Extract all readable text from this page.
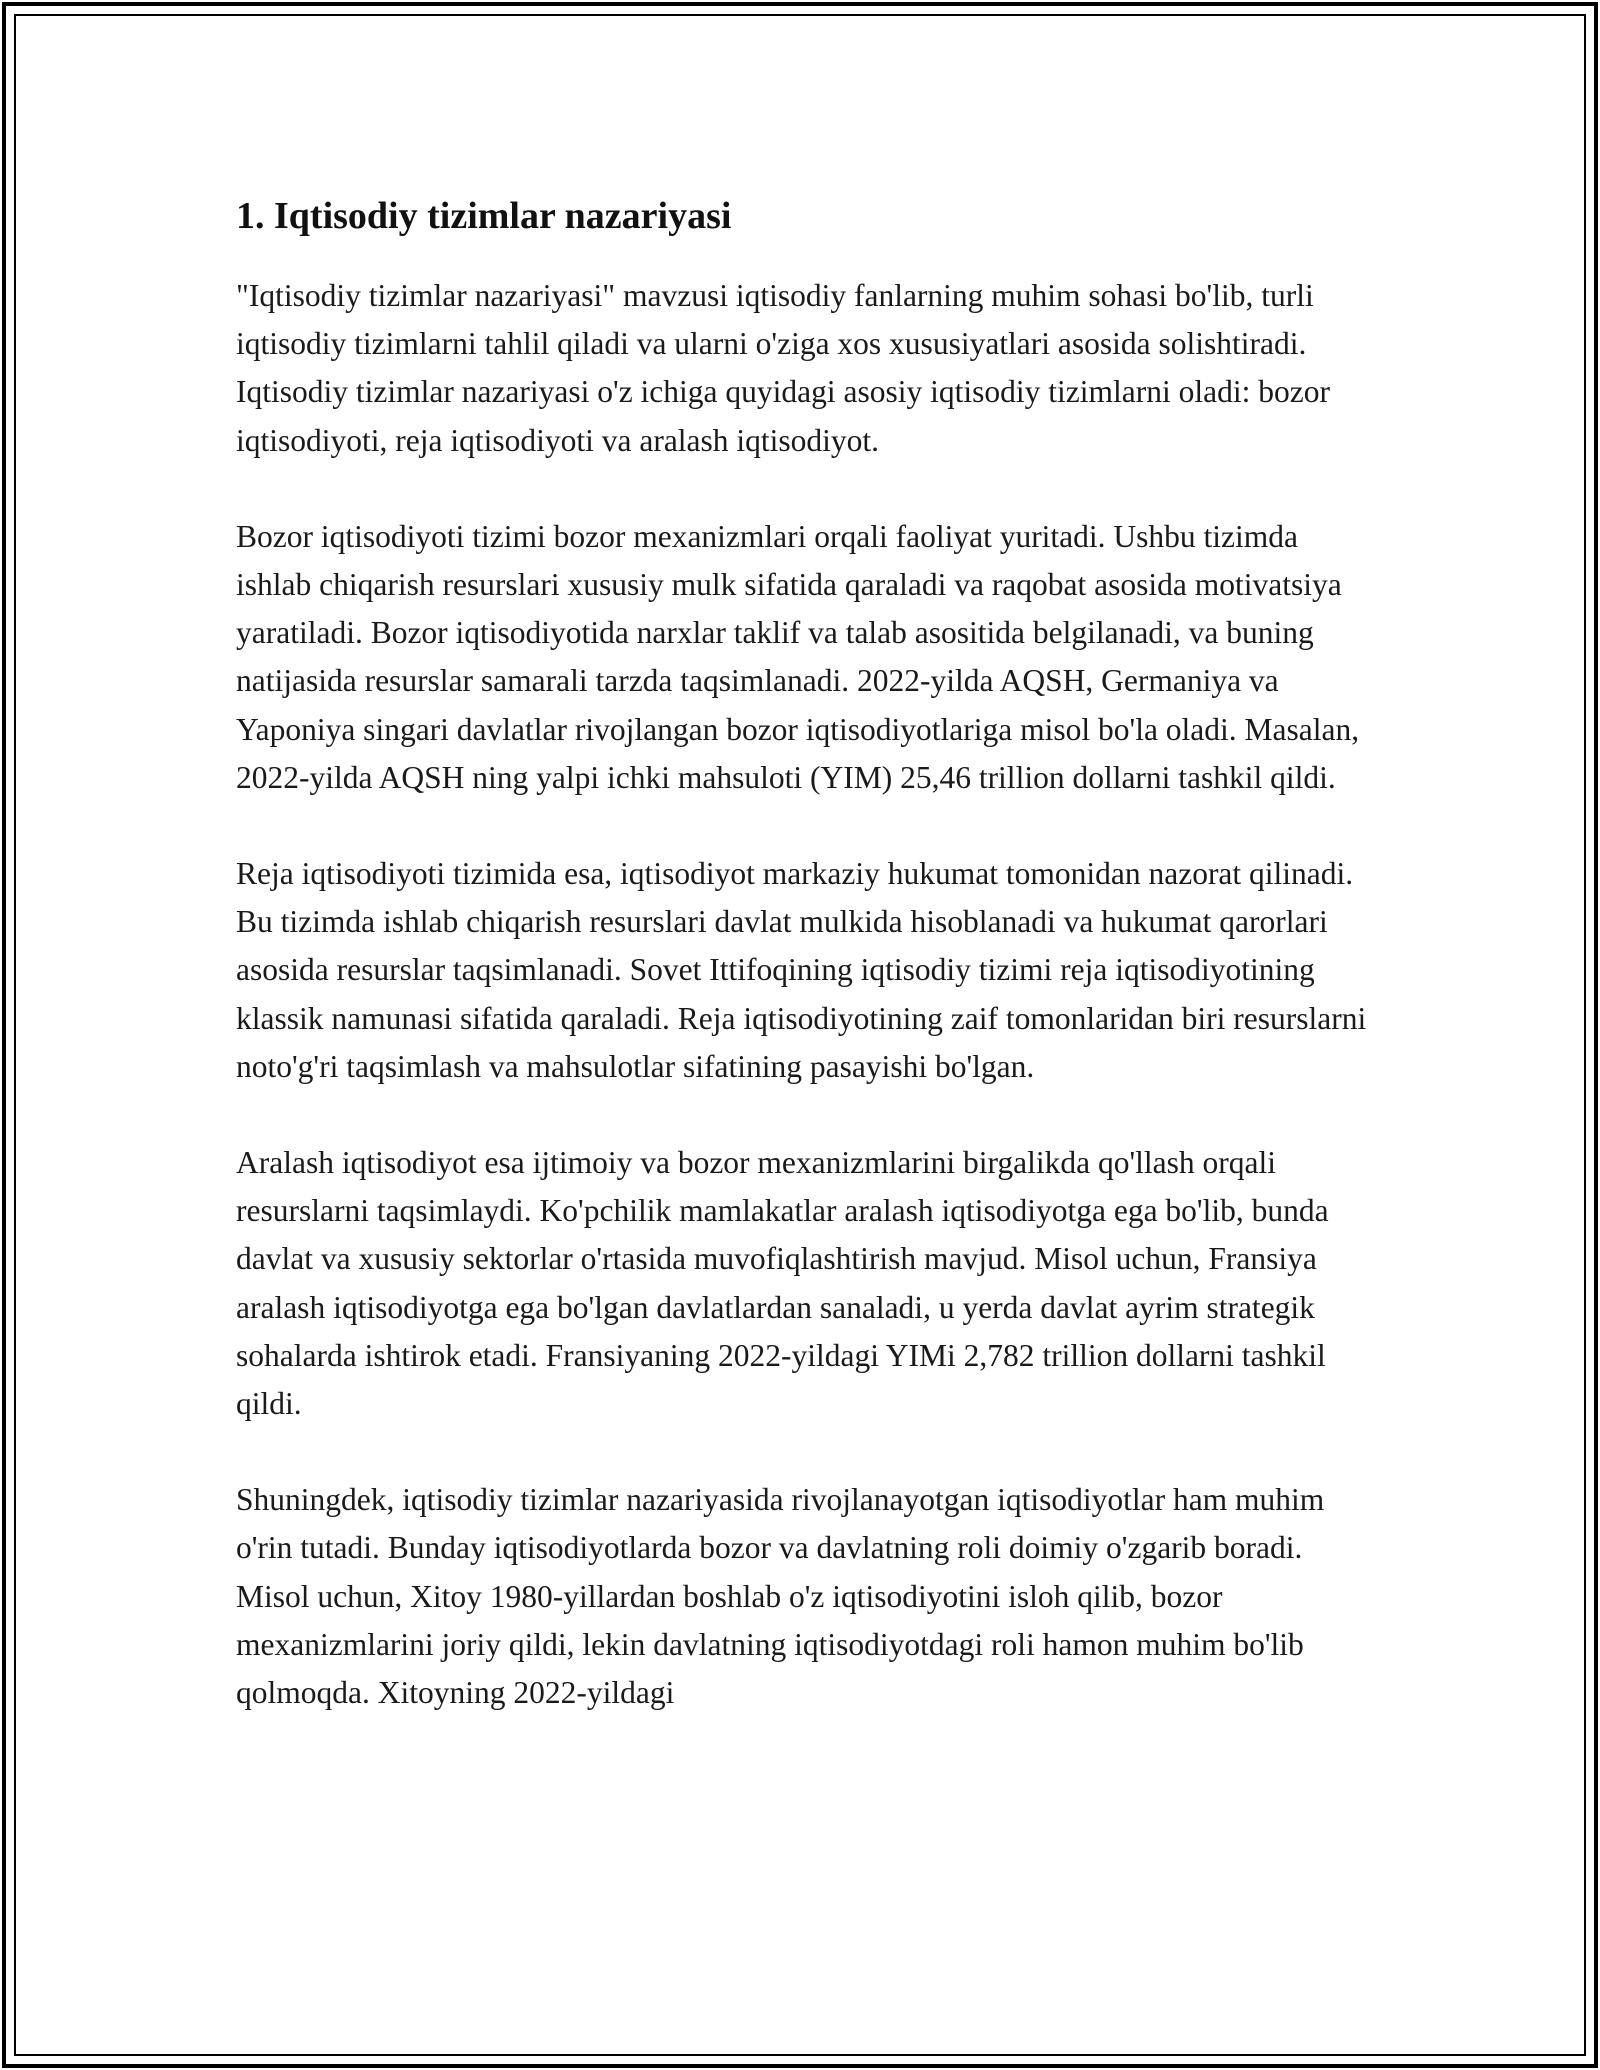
1. Iqtisodiy tizimlar nazariyasi

"Iqtisodiy tizimlar nazariyasi" mavzusi iqtisodiy fanlarning muhim sohasi bo'lib, turli iqtisodiy tizimlarni tahlil qiladi va ularni o'ziga xos xususiyatlari asosida solishtiradi. Iqtisodiy tizimlar nazariyasi o'z ichiga quyidagi asosiy iqtisodiy tizimlarni oladi: bozor iqtisodiyoti, reja iqtisodiyoti va aralash iqtisodiyot.

Bozor iqtisodiyoti tizimi bozor mexanizmlari orqali faoliyat yuritadi. Ushbu tizimda ishlab chiqarish resurslari xususiy mulk sifatida qaraladi va raqobat asosida motivatsiya yaratiladi. Bozor iqtisodiyotida narxlar taklif va talab asositida belgilanadi, va buning natijasida resurslar samarali tarzda taqsimlanadi. 2022-yilda AQSH, Germaniya va Yaponiya singari davlatlar rivojlangan bozor iqtisodiyotlariga misol bo'la oladi. Masalan, 2022-yilda AQSH ning yalpi ichki mahsuloti (YIM) 25,46 trillion dollarni tashkil qildi.

Reja iqtisodiyoti tizimida esa, iqtisodiyot markaziy hukumat tomonidan nazorat qilinadi. Bu tizimda ishlab chiqarish resurslari davlat mulkida hisoblanadi va hukumat qarorlari asosida resurslar taqsimlanadi. Sovet Ittifoqining iqtisodiy tizimi reja iqtisodiyotining klassik namunasi sifatida qaraladi. Reja iqtisodiyotining zaif tomonlaridan biri resurslarni noto'g'ri taqsimlash va mahsulotlar sifatining pasayishi bo'lgan.

Aralash iqtisodiyot esa ijtimoiy va bozor mexanizmlarini birgalikda qo'llash orqali resurslarni taqsimlaydi. Ko'pchilik mamlakatlar aralash iqtisodiyotga ega bo'lib, bunda davlat va xususiy sektorlar o'rtasida muvofiqlashtirish mavjud. Misol uchun, Fransiya aralash iqtisodiyotga ega bo'lgan davlatlardan sanaladi, u yerda davlat ayrim strategik sohalarda ishtirok etadi. Fransiyaning 2022-yildagi YIMi 2,782 trillion dollarni tashkil qildi.

Shuningdek, iqtisodiy tizimlar nazariyasida rivojlanayotgan iqtisodiyotlar ham muhim o'rin tutadi. Bunday iqtisodiyotlarda bozor va davlatning roli doimiy o'zgarib boradi. Misol uchun, Xitoy 1980-yillardan boshlab o'z iqtisodiyotini isloh qilib, bozor mexanizmlarini joriy qildi, lekin davlatning iqtisodiyotdagi roli hamon muhim bo'lib qolmoqda. Xitoyning 2022-yildagi
